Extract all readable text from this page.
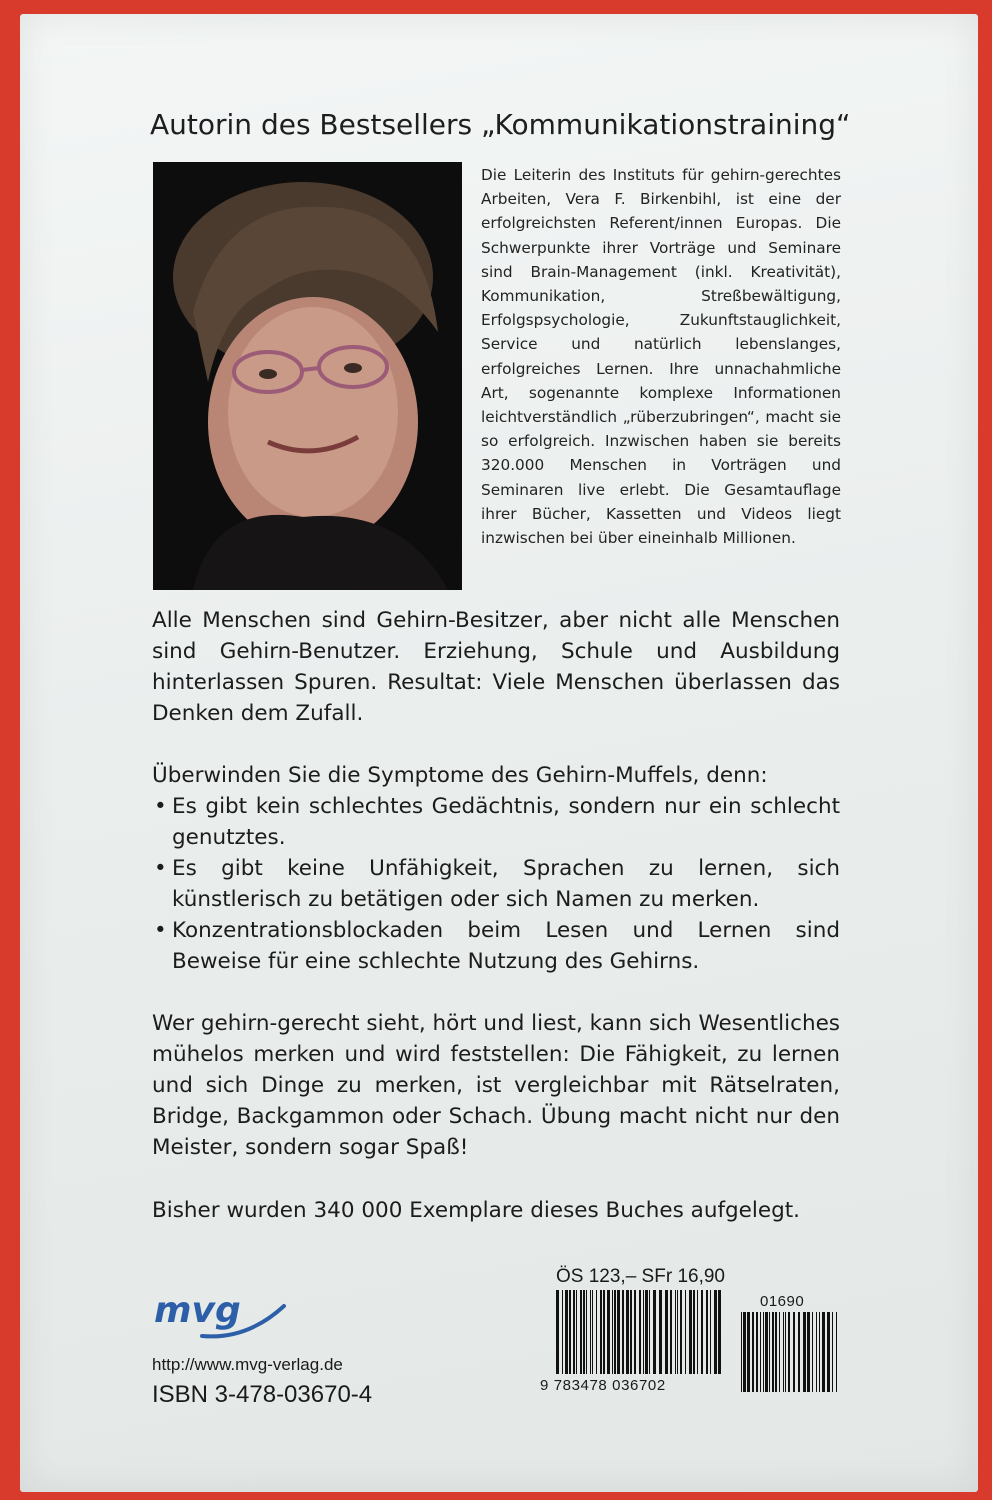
Autorin des Bestsellers „Kommunikationstraining“

Die Leiterin des Instituts für gehirn-gerechtes Arbeiten, Vera F. Birkenbihl, ist eine der erfolgreichsten Referent/innen Europas. Die Schwerpunkte ihrer Vorträge und Seminare sind Brain-Management (inkl. Kreativität), Kommunikation, Streßbewältigung, Erfolgspsychologie, Zukunftstauglichkeit, Service und natürlich lebenslanges, erfolgreiches Lernen. Ihre unnachahmliche Art, sogenannte komplexe Informationen leichtverständlich „rüberzubringen“, macht sie so erfolgreich. Inzwischen haben sie bereits 320.000 Menschen in Vorträgen und Seminaren live erlebt. Die Gesamtauflage ihrer Bücher, Kassetten und Videos liegt inzwischen bei über eineinhalb Millionen.

Alle Menschen sind Gehirn-Besitzer, aber nicht alle Menschen sind Gehirn-Benutzer. Erziehung, Schule und Ausbildung hinterlassen Spuren. Resultat: Viele Menschen überlassen das Denken dem Zufall.

Überwinden Sie die Symptome des Gehirn-Muffels, denn:

• Es gibt kein schlechtes Gedächtnis, sondern nur ein schlecht genutztes.
• Es gibt keine Unfähigkeit, Sprachen zu lernen, sich künstlerisch zu betätigen oder sich Namen zu merken.
• Konzentrationsblockaden beim Lesen und Lernen sind Beweise für eine schlechte Nutzung des Gehirns.

Wer gehirn-gerecht sieht, hört und liest, kann sich Wesentliches mühelos merken und wird feststellen: Die Fähigkeit, zu lernen und sich Dinge zu merken, ist vergleichbar mit Rätselraten, Bridge, Backgammon oder Schach. Übung macht nicht nur den Meister, sondern sogar Spaß!

Bisher wurden 340 000 Exemplare dieses Buches aufgelegt.

mvg
http://www.mvg-verlag.de
ISBN 3-478-03670-4
ÖS 123,– SFr 16,90
9 783478 036702
01690
